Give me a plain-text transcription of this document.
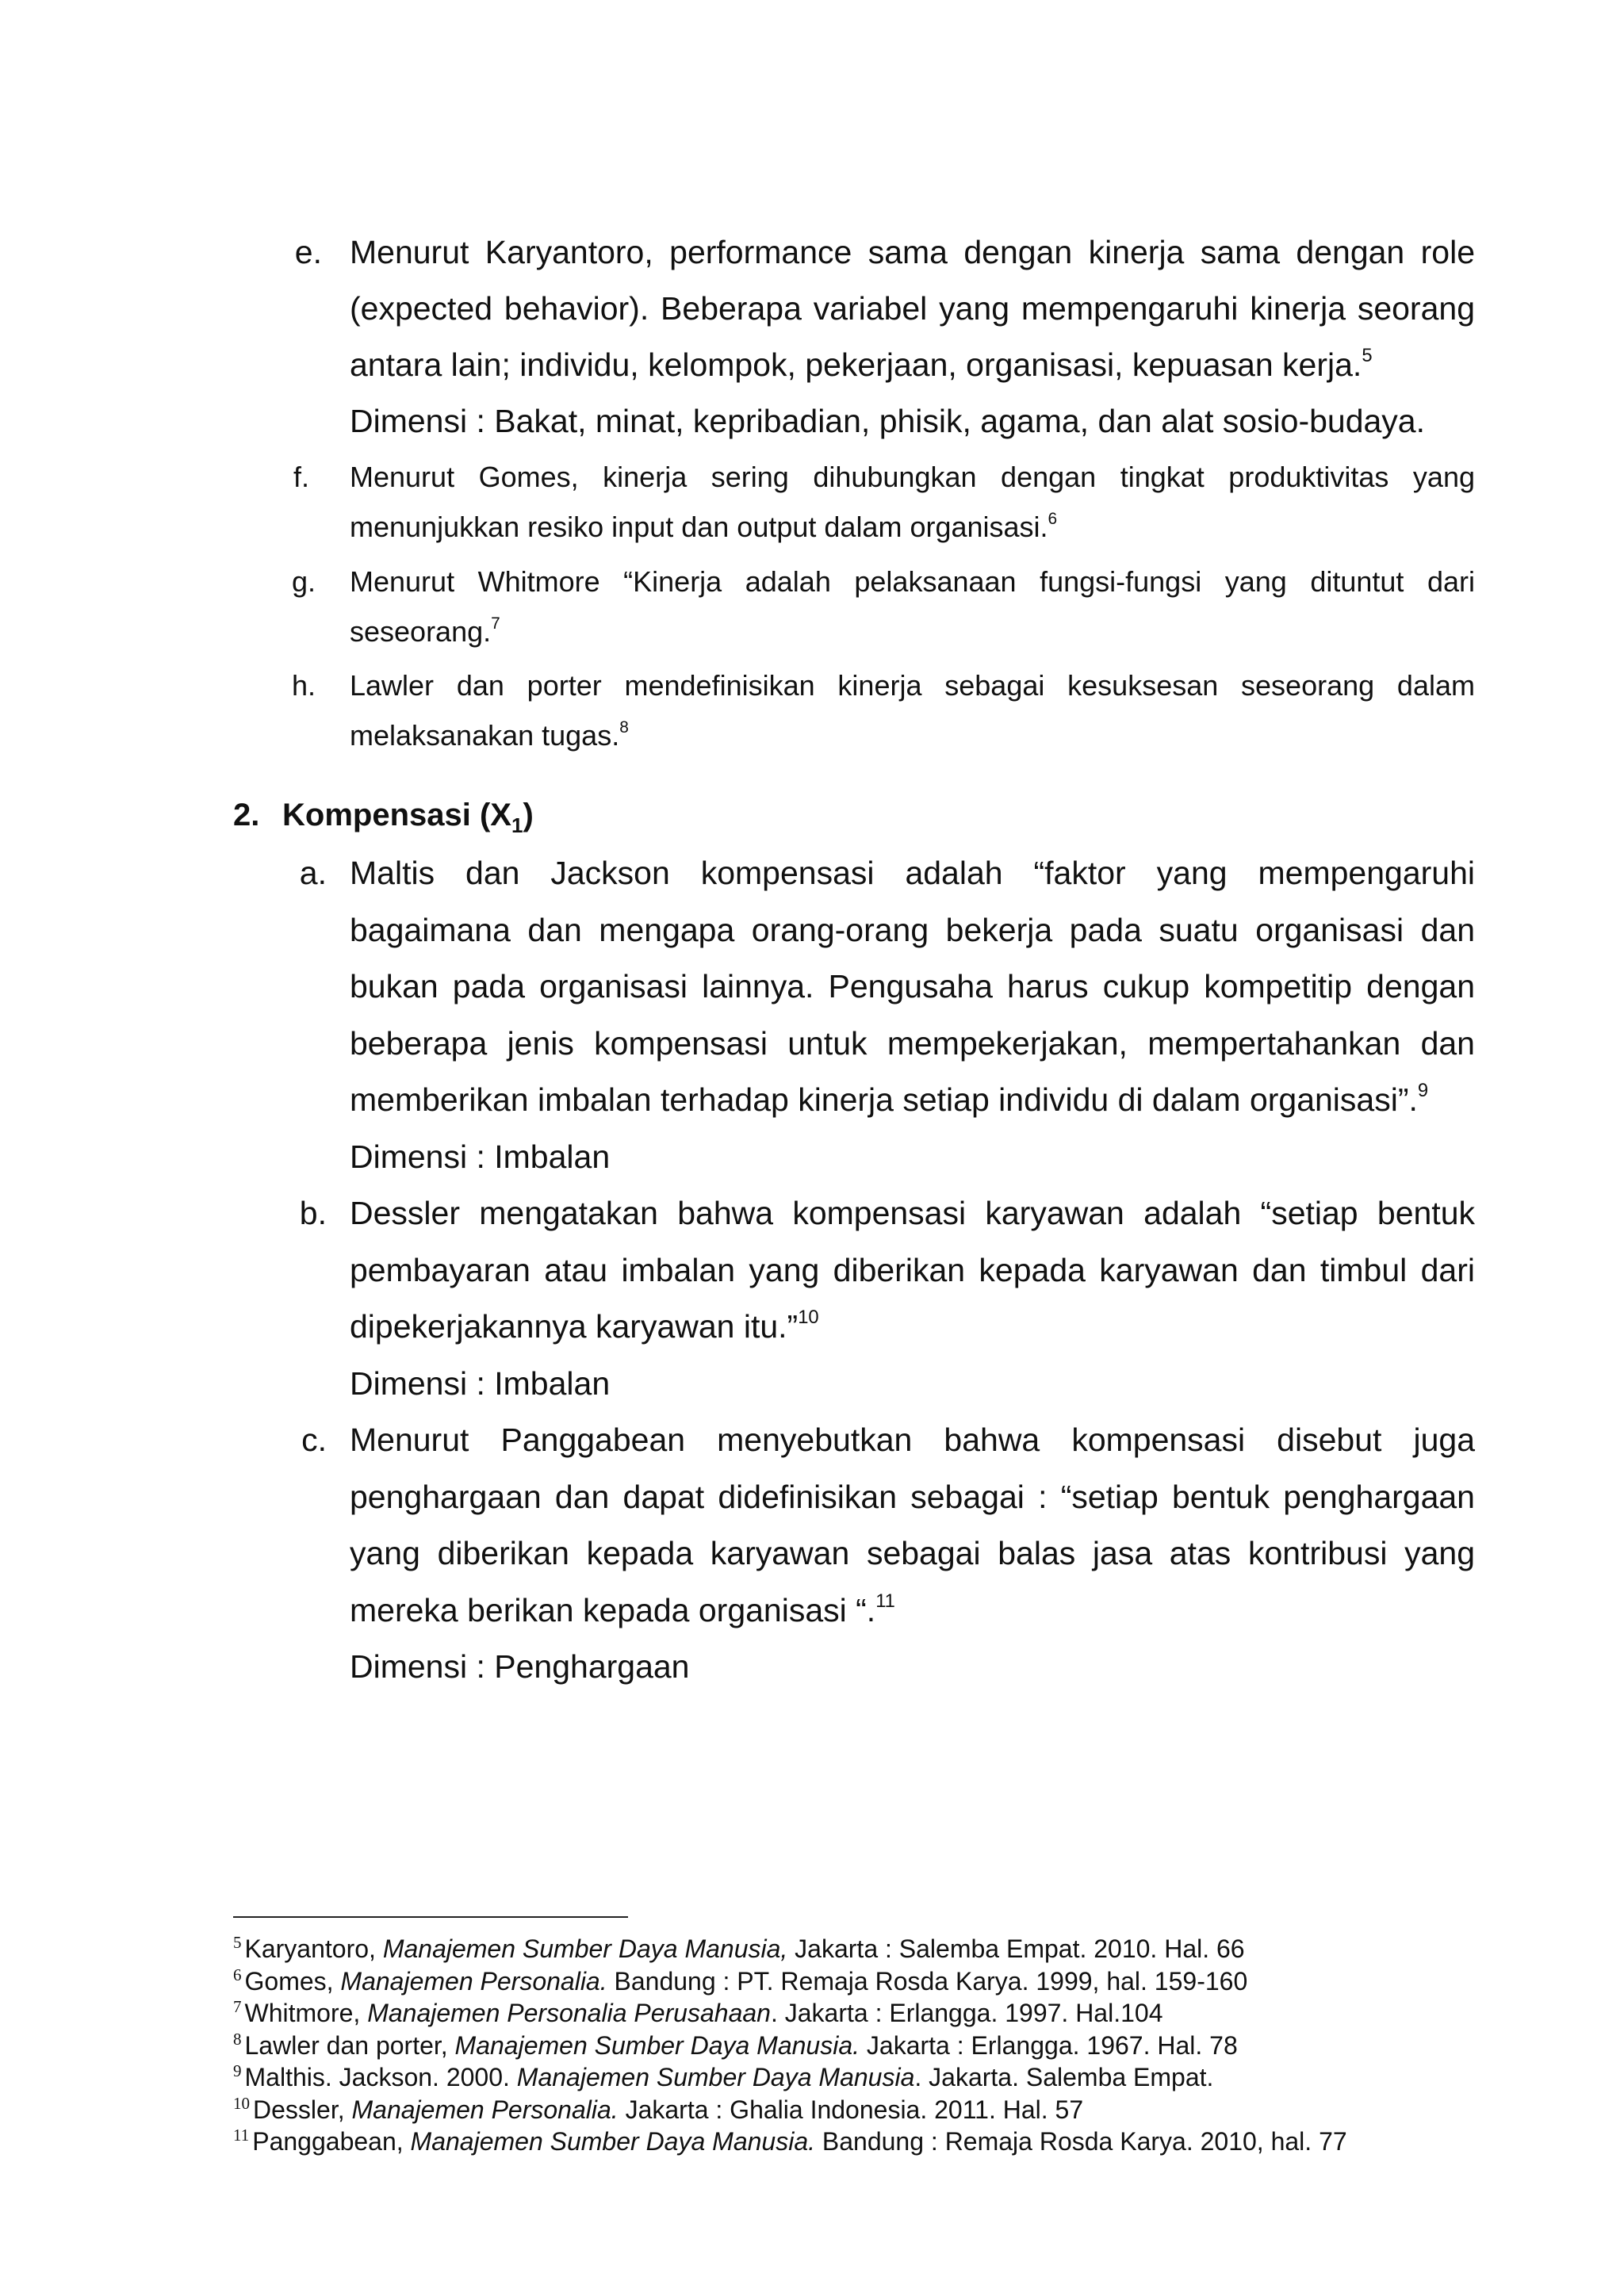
e. Menurut Karyantoro, performance sama dengan kinerja sama dengan role
(expected behavior). Beberapa variabel yang mempengaruhi kinerja seorang
antara lain; individu, kelompok, pekerjaan, organisasi, kepuasan kerja.$^5$
Dimensi : Bakat, minat, kepribadian, phisik, agama, dan alat sosio-budaya.
f. Menurut Gomes, kinerja sering dihubungkan dengan tingkat produktivitas yang
menunjukkan resiko input dan output dalam organisasi.$^6$
g. Menurut Whitmore “Kinerja adalah pelaksanaan fungsi-fungsi yang dituntut dari
seseorang.$^7$
h. Lawler dan porter mendefinisikan kinerja sebagai kesuksesan seseorang dalam
melaksanakan tugas.$^8$
2. Kompensasi $(X_1)$
a. Maltis dan Jackson kompensasi adalah “faktor yang mempengaruhi
bagaimana dan mengapa orang-orang bekerja pada suatu organisasi dan
bukan pada organisasi lainnya. Pengusaha harus cukup kompetitip dengan
beberapa jenis kompensasi untuk mempekerjakan, mempertahankan dan
memberikan imbalan terhadap kinerja setiap individu di dalam organisasi”.$^9$
Dimensi : Imbalan
b. Dessler mengatakan bahwa kompensasi karyawan adalah “setiap bentuk
pembayaran atau imbalan yang diberikan kepada karyawan dan timbul dari
dipekerjakannya karyawan itu.”$^{10}$
Dimensi : Imbalan
c. Menurut Panggabean menyebutkan bahwa kompensasi disebut juga
penghargaan dan dapat didefinisikan sebagai : “setiap bentuk penghargaan
yang diberikan kepada karyawan sebagai balas jasa atas kontribusi yang
mereka berikan kepada organisasi “.$^{11}$
Dimensi : Penghargaan
$^5$ Karyantoro, Manajemen Sumber Daya Manusia, Jakarta : Salemba Empat. 2010. Hal. 66
$^6$ Gomes, Manajemen Personalia. Bandung : PT. Remaja Rosda Karya. 1999, hal. 159-160
$^7$ Whitmore, Manajemen Personalia Perusahaan. Jakarta : Erlangga. 1997. Hal.104
$^8$ Lawler dan porter, Manajemen Sumber Daya Manusia. Jakarta : Erlangga. 1967. Hal. 78
$^9$ Malthis. Jackson. 2000. Manajemen Sumber Daya Manusia. Jakarta. Salemba Empat.
$^{10}$ Dessler, Manajemen Personalia. Jakarta : Ghalia Indonesia. 2011. Hal. 57
$^{11}$ Panggabean, Manajemen Sumber Daya Manusia. Bandung : Remaja Rosda Karya. 2010, hal. 77
